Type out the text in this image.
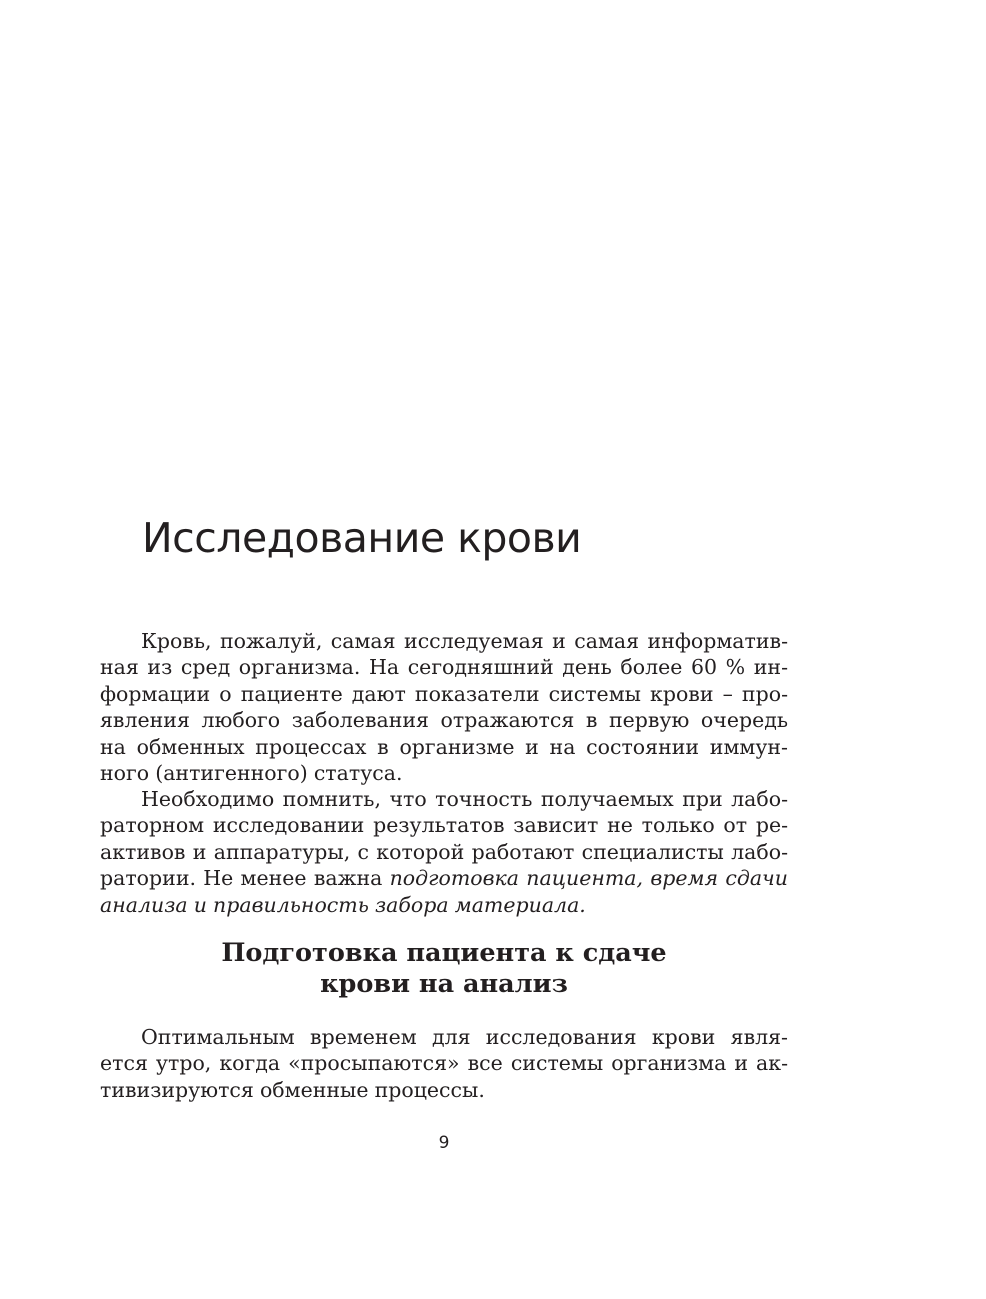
Исследование крови
Кровь, пожалуй, самая исследуемая и самая информатив-
ная из сред организма. На сегодняшний день более 60 % ин-
формации о пациенте дают показатели системы крови – про-
явления любого заболевания отражаются в первую очередь
на обменных процессах в организме и на состоянии иммун-
ного (антигенного) статуса.
Необходимо помнить, что точность получаемых при лабо-
раторном исследовании результатов зависит не только от ре-
активов и аппаратуры, с которой работают специалисты лабо-
ратории. Не менее важна подготовка пациента, время сдачи
анализа и правильность забора материала.
Подготовка пациента к сдаче
крови на анализ
Оптимальным временем для исследования крови явля-
ется утро, когда «просыпаются» все системы организма и ак-
тивизируются обменные процессы.
9
